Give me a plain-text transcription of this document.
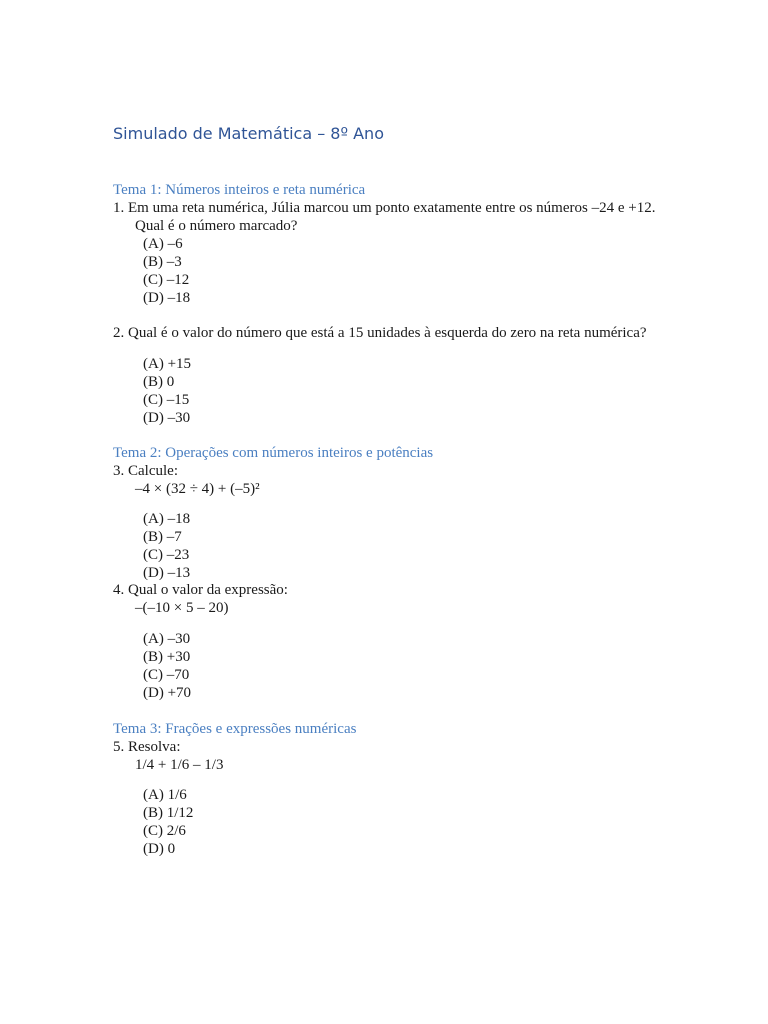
Simulado de Matemática – 8º Ano
Tema 1: Números inteiros e reta numérica
1. Em uma reta numérica, Júlia marcou um ponto exatamente entre os números –24 e +12. Qual é o número marcado?
(A) –6
(B) –3
(C) –12
(D) –18
2. Qual é o valor do número que está a 15 unidades à esquerda do zero na reta numérica?
(A) +15
(B) 0
(C) –15
(D) –30
Tema 2: Operações com números inteiros e potências
3. Calcule:
–4 × (32 ÷ 4) + (–5)²
(A) –18
(B) –7
(C) –23
(D) –13
4. Qual o valor da expressão:
–(–10 × 5 – 20)
(A) –30
(B) +30
(C) –70
(D) +70
Tema 3: Frações e expressões numéricas
5. Resolva:
1/4 + 1/6 – 1/3
(A) 1/6
(B) 1/12
(C) 2/6
(D) 0
